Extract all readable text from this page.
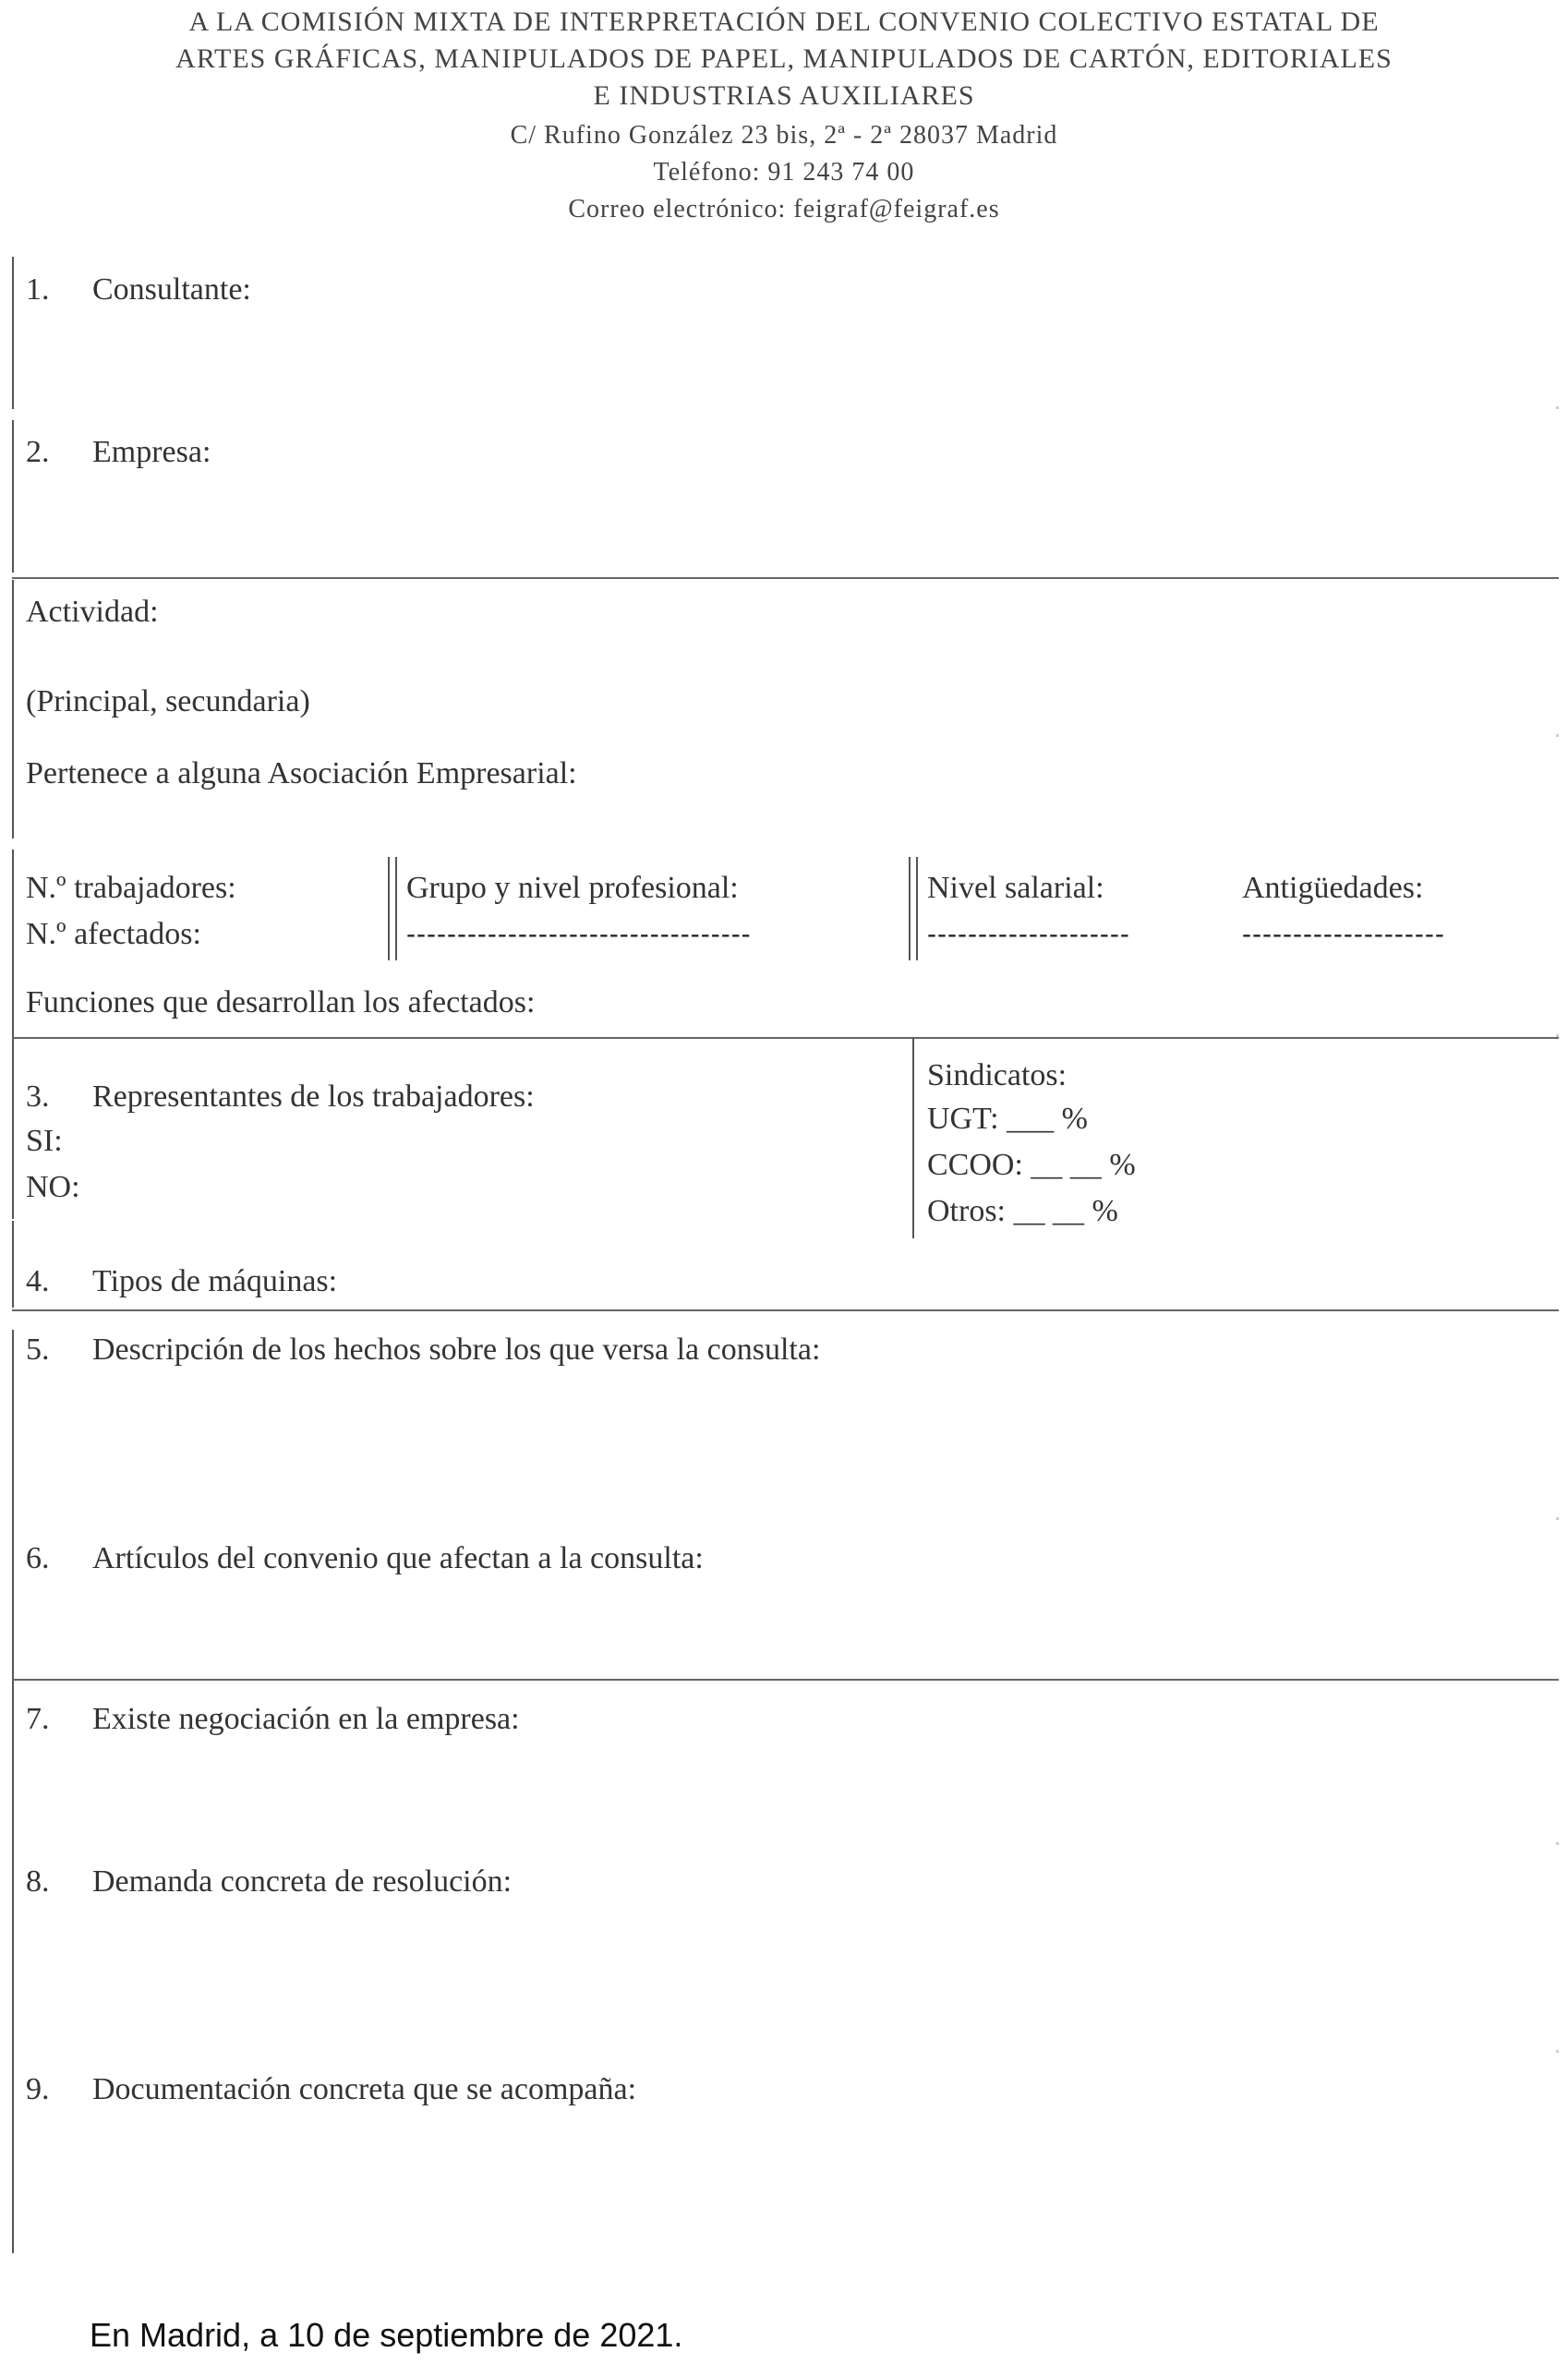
A LA COMISIÓN MIXTA DE INTERPRETACIÓN DEL CONVENIO COLECTIVO ESTATAL DE
ARTES GRÁFICAS, MANIPULADOS DE PAPEL, MANIPULADOS DE CARTÓN, EDITORIALES
E INDUSTRIAS AUXILIARES
C/ Rufino González 23 bis, 2ª - 2ª 28037 Madrid
Teléfono: 91 243 74 00
Correo electrónico: feigraf@feigraf.es
1. Consultante:
2. Empresa:
Actividad:
(Principal, secundaria)
Pertenece a alguna Asociación Empresarial:
N.º trabajadores:
N.º afectados:
Grupo y nivel profesional:
----------------------------------
Nivel salarial:
--------------------
Antigüedades:
--------------------
Funciones que desarrollan los afectados:
3. Representantes de los trabajadores:
SI:
NO:
Sindicatos:
UGT: ___ %
CCOO: __ __ %
Otros: __ __ %
4. Tipos de máquinas:
5. Descripción de los hechos sobre los que versa la consulta:
6. Artículos del convenio que afectan a la consulta:
7. Existe negociación en la empresa:
8. Demanda concreta de resolución:
9. Documentación concreta que se acompaña:
En Madrid, a 10 de septiembre de 2021.
